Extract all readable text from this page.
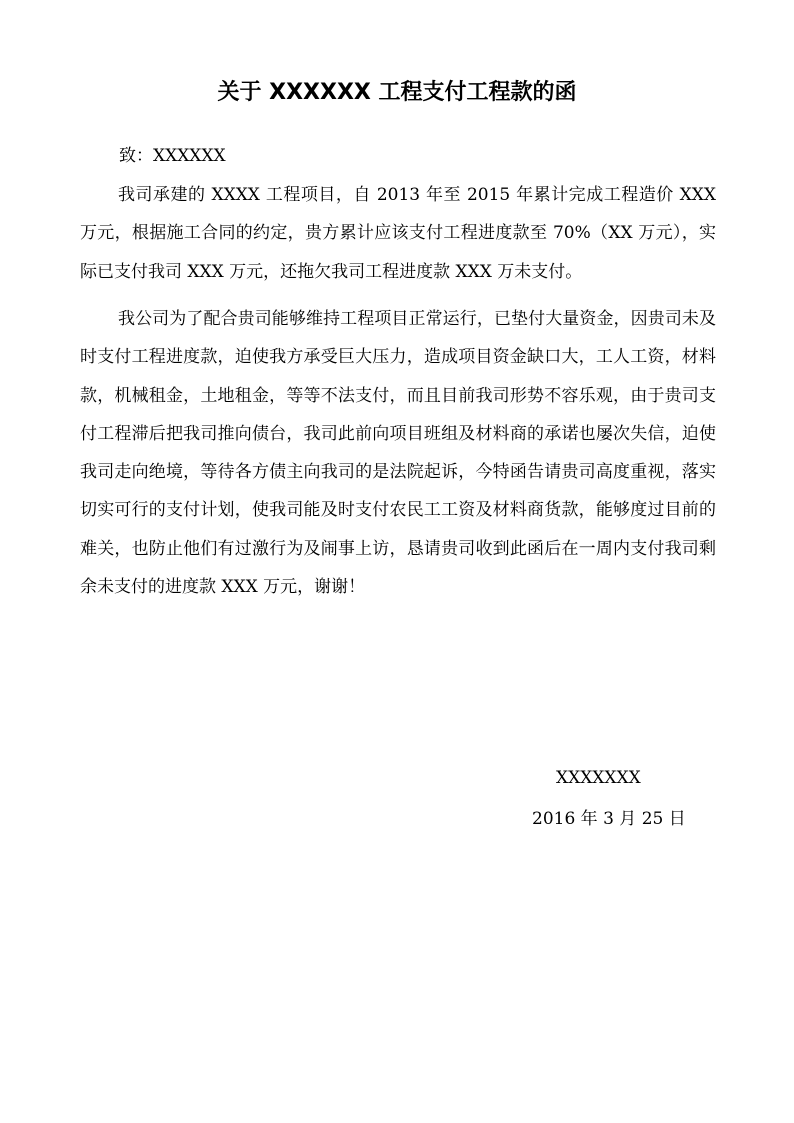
关于 XXXXXX 工程支付工程款的函

致：XXXXXX

我司承建的 XXXX 工程项目，自 2013 年至 2015 年累计完成工程造价 XXX 万元，根据施工合同的约定，贵方累计应该支付工程进度款至 70%（XX 万元），实际已支付我司 XXX 万元，还拖欠我司工程进度款 XXX 万未支付。

我公司为了配合贵司能够维持工程项目正常运行，已垫付大量资金，因贵司未及时支付工程进度款，迫使我方承受巨大压力，造成项目资金缺口大，工人工资，材料款，机械租金，土地租金，等等不法支付，而且目前我司形势不容乐观，由于贵司支付工程滞后把我司推向债台，我司此前向项目班组及材料商的承诺也屡次失信，迫使我司走向绝境，等待各方债主向我司的是法院起诉，今特函告请贵司高度重视，落实切实可行的支付计划，使我司能及时支付农民工工资及材料商货款，能够度过目前的难关，也防止他们有过激行为及闹事上访，恳请贵司收到此函后在一周内支付我司剩余未支付的进度款 XXX 万元，谢谢！

XXXXXXX

2016 年 3 月 25 日
